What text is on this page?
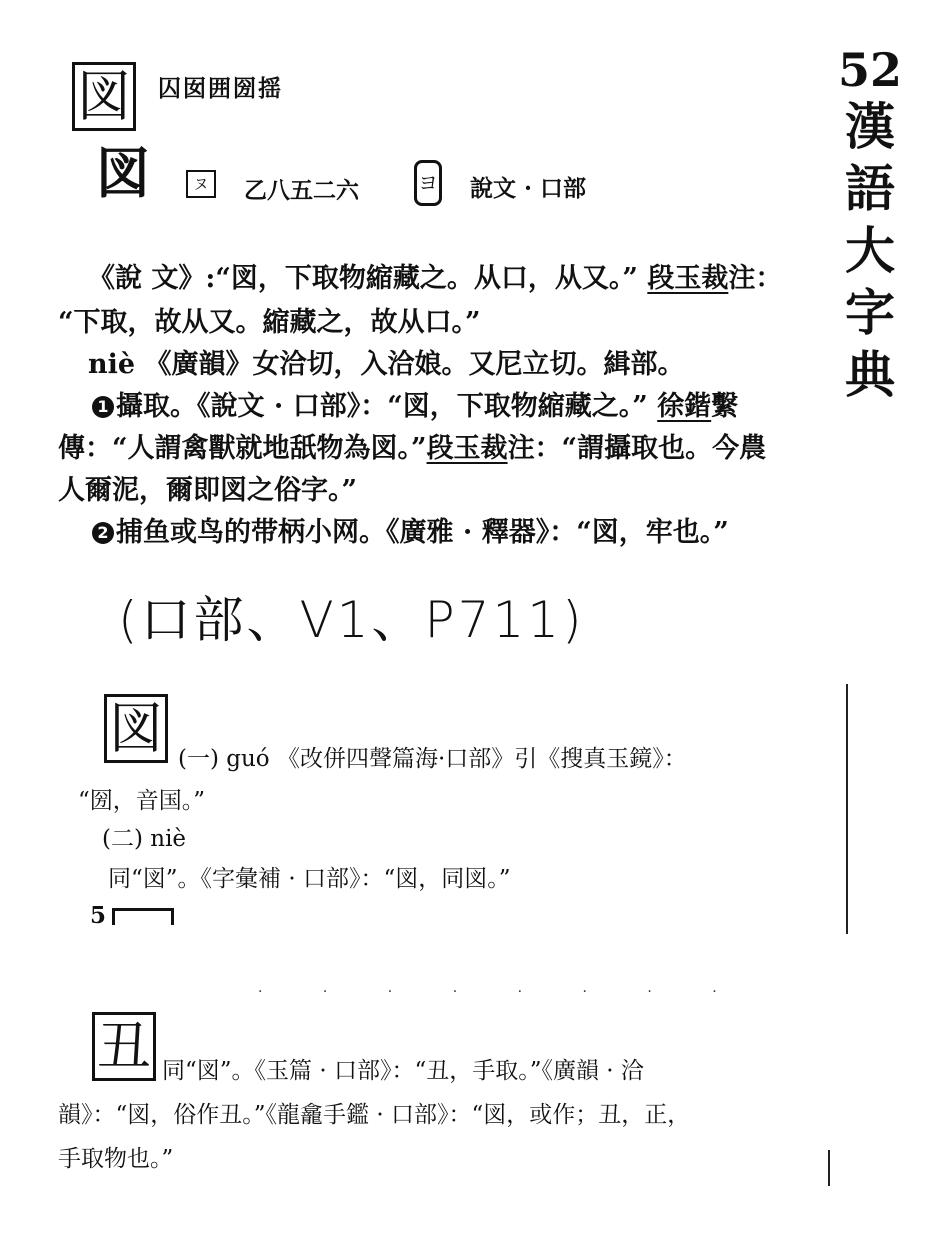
52
漢
語
大
字
典
図 囚囡囲圀揺
図	ヌ	乙八五二六	ヨ 說文 · 口部
《說 文》:“図，下取物縮藏之。从口，从又。” 段玉裁注：
“下取，故从又。縮藏之，故从口。”
niè 《廣韻》女洽切，入洽娘。又尼立切。緝部。
1 攝取。《說文 · 口部》：“図，下取物縮藏之。” 徐鍇繫
傳：“人謂禽獸就地舐物為図。”段玉裁注：“謂攝取也。今農
人爾泥，爾即図之俗字。”
2 捕鱼或鸟的带柄小网。《廣雅 · 釋器》：“図，牢也。”
(口部、V1、P711)
図 (一) guó 《改併四聲篇海·口部》引《搜真玉鏡》：
“圀，音国。”
(二) niè
同“図”。《字彙補 · 口部》：“図，同図。”
5
· · · · · · · ·
丑 同“図”。《玉篇 · 口部》：“丑，手取。”《廣韻 · 洽
韻》：“図，俗作丑。”《龍龕手鑑 · 口部》：“図，或作；丑，正，
手取物也。”
